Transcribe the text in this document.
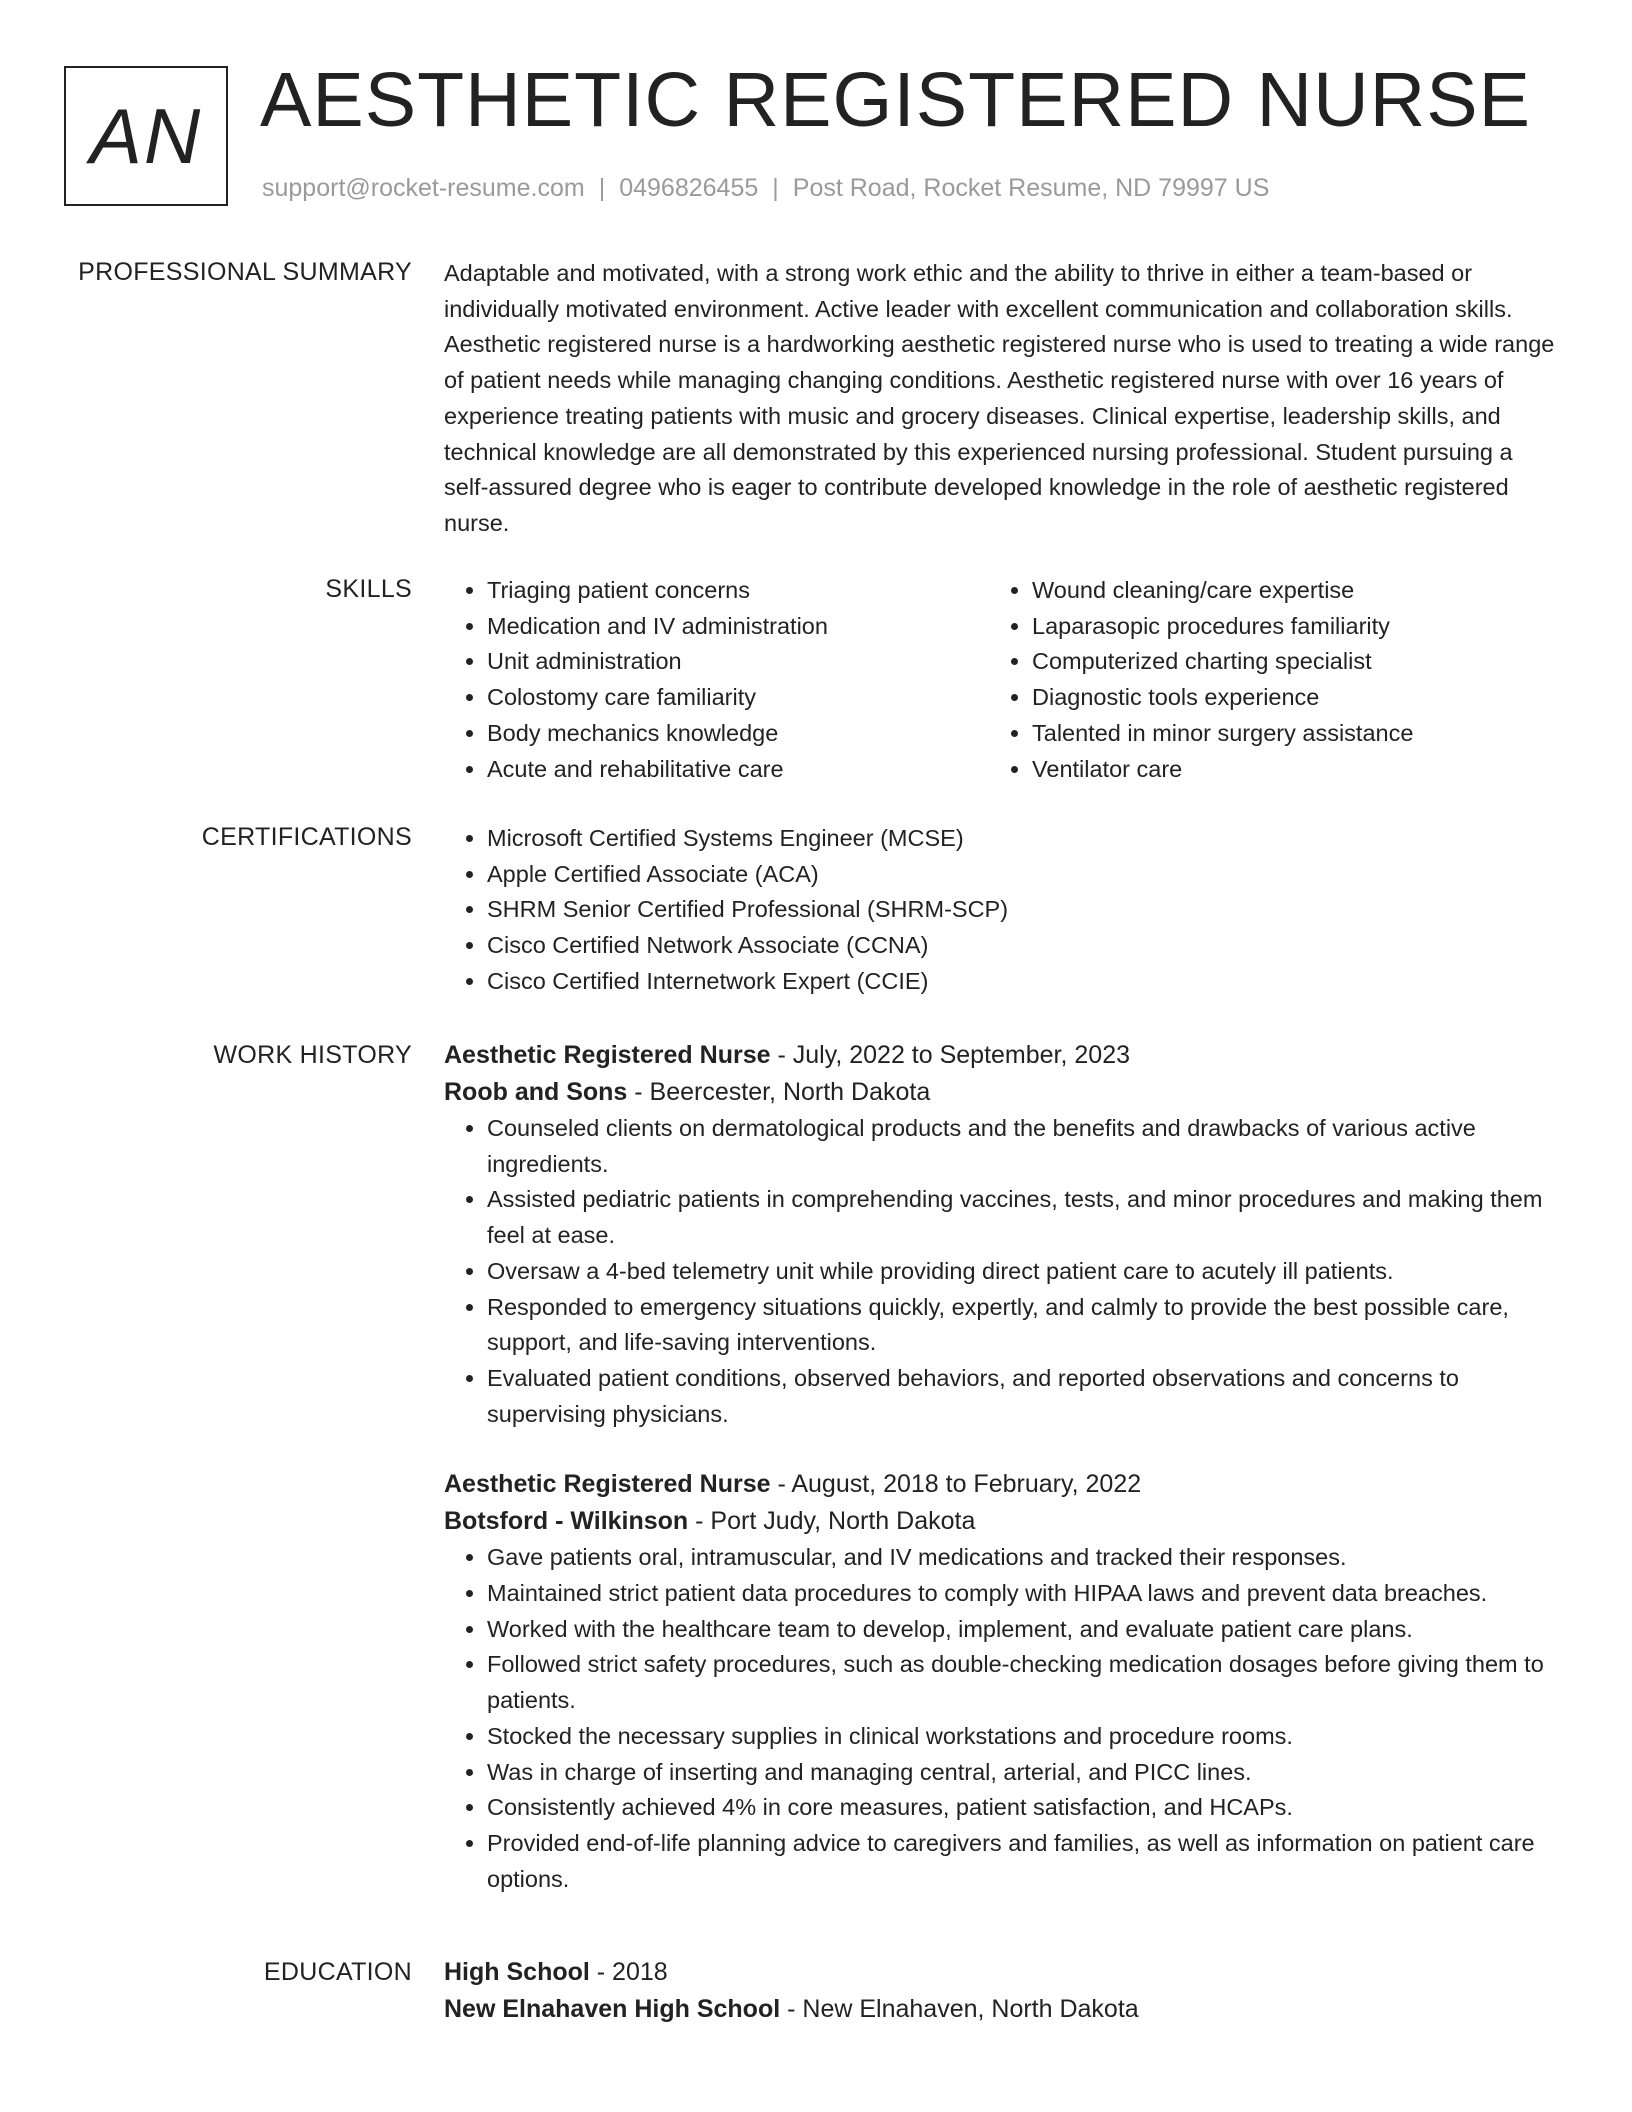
AN AESTHETIC REGISTERED NURSE
support@rocket-resume.com | 0496826455 | Post Road, Rocket Resume, ND 79997 US
PROFESSIONAL SUMMARY Adaptable and motivated, with a strong work ethic and the ability to thrive in either a team-based or individually motivated environment. Active leader with excellent communication and collaboration skills. Aesthetic registered nurse is a hardworking aesthetic registered nurse who is used to treating a wide range of patient needs while managing changing conditions. Aesthetic registered nurse with over 16 years of experience treating patients with music and grocery diseases. Clinical expertise, leadership skills, and technical knowledge are all demonstrated by this experienced nursing professional. Student pursuing a self-assured degree who is eager to contribute developed knowledge in the role of aesthetic registered nurse.
SKILLS	• Triaging patient concerns
• Medication and IV administration
• Unit administration
• Colostomy care familiarity
• Body mechanics knowledge
• Acute and rehabilitative care
• Wound cleaning/care expertise
• Laparasopic procedures familiarity
• Computerized charting specialist
• Diagnostic tools experience
• Talented in minor surgery assistance
• Ventilator care
CERTIFICATIONS	• Microsoft Certified Systems Engineer (MCSE)
• Apple Certified Associate (ACA)
• SHRM Senior Certified Professional (SHRM-SCP)
• Cisco Certified Network Associate (CCNA)
• Cisco Certified Internetwork Expert (CCIE)
WORK HISTORY Aesthetic Registered Nurse - July, 2022 to September, 2023
Roob and Sons - Beercester, North Dakota
• Counseled clients on dermatological products and the benefits and drawbacks of various active ingredients.
• Assisted pediatric patients in comprehending vaccines, tests, and minor procedures and making them feel at ease.
• Oversaw a 4-bed telemetry unit while providing direct patient care to acutely ill patients.
• Responded to emergency situations quickly, expertly, and calmly to provide the best possible care, support, and life-saving interventions.
• Evaluated patient conditions, observed behaviors, and reported observations and concerns to supervising physicians.
Aesthetic Registered Nurse - August, 2018 to February, 2022
Botsford - Wilkinson - Port Judy, North Dakota
• Gave patients oral, intramuscular, and IV medications and tracked their responses.
• Maintained strict patient data procedures to comply with HIPAA laws and prevent data breaches.
• Worked with the healthcare team to develop, implement, and evaluate patient care plans.
• Followed strict safety procedures, such as double-checking medication dosages before giving them to patients.
• Stocked the necessary supplies in clinical workstations and procedure rooms.
• Was in charge of inserting and managing central, arterial, and PICC lines.
• Consistently achieved 4% in core measures, patient satisfaction, and HCAPs.
• Provided end-of-life planning advice to caregivers and families, as well as information on patient care options.
EDUCATION High School - 2018
New Elnahaven High School - New Elnahaven, North Dakota
